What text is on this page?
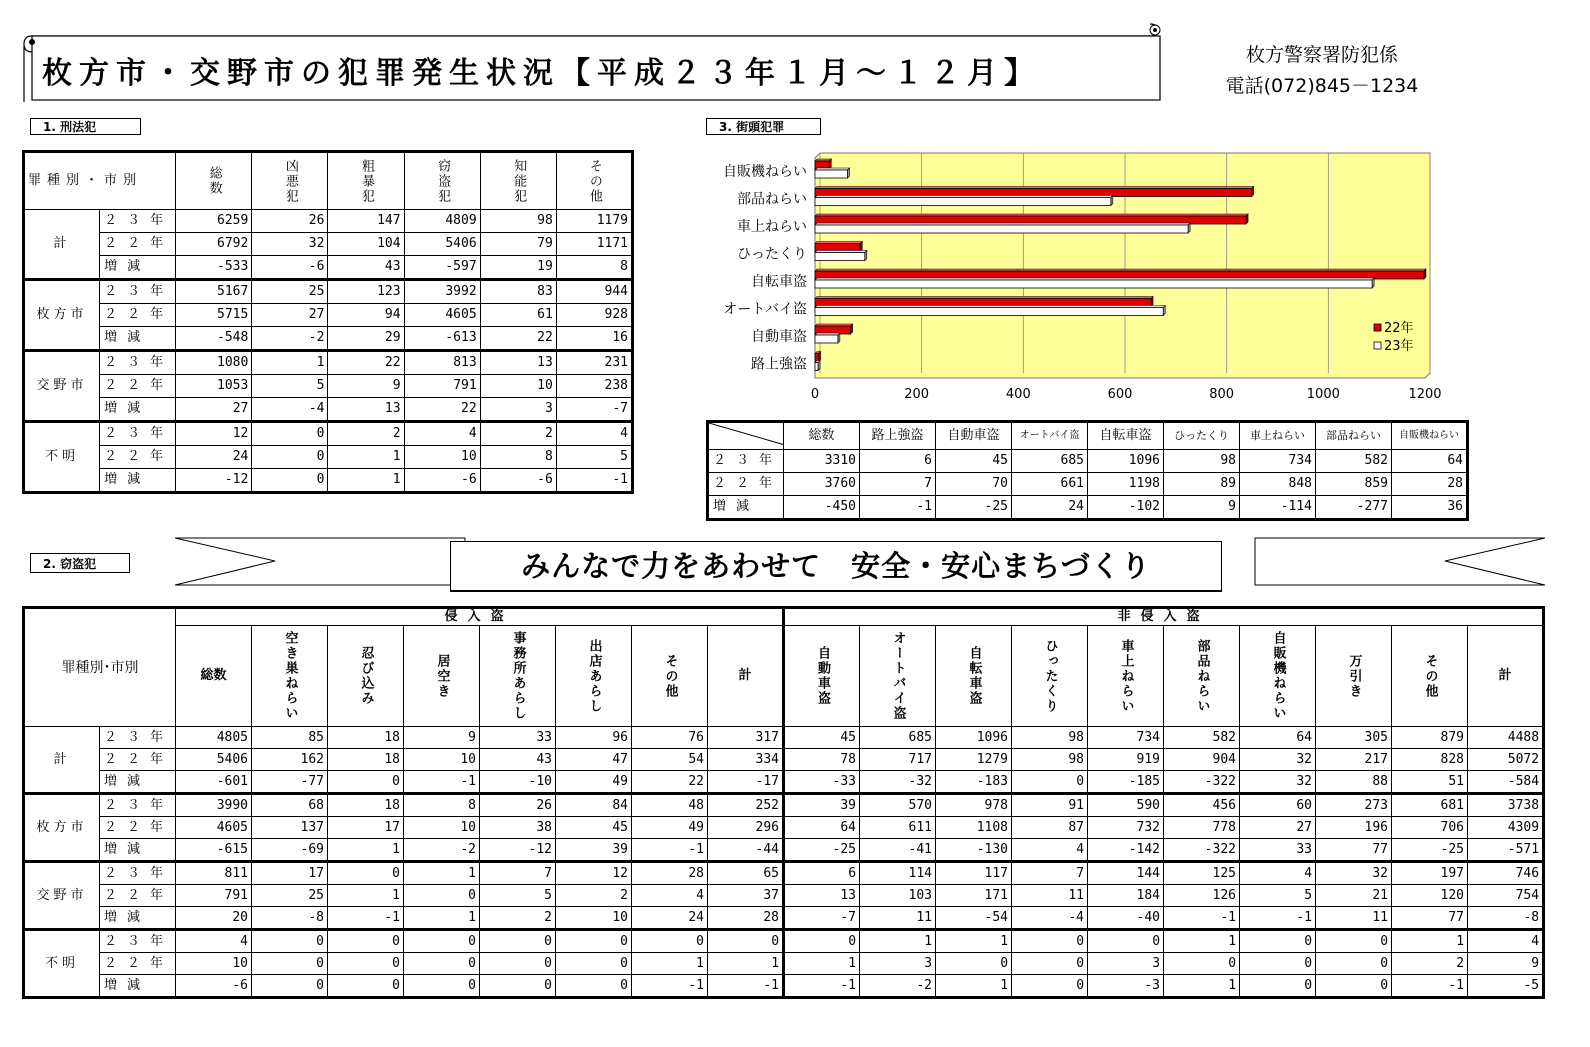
枚方市・交野市の犯罪発生状況【平成２３年１月～１２月】
枚方警察署防犯係
電話(072)845－1234
1. 刑法犯	3. 街頭犯罪
2. 窃盗犯
罪種別・市別		総数	凶悪犯	粗暴犯	窃盗犯	知能犯	その他

計	２３年	6259	26	147	4809	98	1179
	２２年	6792	32	104	5406	79	1171
	増減	-533	-6	43	-597	19	8
枚方市	２３年	5167	25	123	3992	83	944
	２２年	5715	27	94	4605	61	928
	増減	-548	-2	29	-613	22	16
交野市	２３年	1080	1	22	813	13	231
	２２年	1053	5	9	791	10	238
	増減	27	-4	13	22	3	-7
不明	２３年	12	0	2	4	2	4
	２２年	24	0	1	10	8	5
	増減	-12	0	1	-6	-6	-1
0	200	400	600	800	1000	1200
自販機ねらい
部品ねらい
車上ねらい
ひったくり
自転車盗
オートバイ盗
自動車盗
路上強盗
22年
23年
	総数	路上強盗	自動車盗	オートバイ盗	自転車盗	ひったくり	車上ねらい	部品ねらい	自販機ねらい
２３年	3310	6	45	685	1096	98	734	582	64
２２年	3760	7	70	661	1198	89	848	859	28
増減	-450	-1	-25	24	-102	9	-114	-277	36
みんなで力をあわせて　安全・安心まちづくり
罪種別･市別		侵入盗								非侵入盗									

		総数	空き巣ねらい	忍び込み	居空き	事務所あらし	出店あらし	その他	計	自動車盗	オートバイ盗	自転車盗	ひったくり	車上ねらい	部品ねらい	自販機ねらい	万引き	その他	計

計	２３年	4805	85	18	9	33	96	76	317	45	685	1096	98	734	582	64	305	879	4488
	２２年	5406	162	18	10	43	47	54	334	78	717	1279	98	919	904	32	217	828	5072
	増減	-601	-77	0	-1	-10	49	22	-17	-33	-32	-183	0	-185	-322	32	88	51	-584
枚方市	２３年	3990	68	18	8	26	84	48	252	39	570	978	91	590	456	60	273	681	3738
	２２年	4605	137	17	10	38	45	49	296	64	611	1108	87	732	778	27	196	706	4309
	増減	-615	-69	1	-2	-12	39	-1	-44	-25	-41	-130	4	-142	-322	33	77	-25	-571
交野市	２３年	811	17	0	1	7	12	28	65	6	114	117	7	144	125	4	32	197	746
	２２年	791	25	1	0	5	2	4	37	13	103	171	11	184	126	5	21	120	754
	増減	20	-8	-1	1	2	10	24	28	-7	11	-54	-4	-40	-1	-1	11	77	-8
不明	２３年	4	0	0	0	0	0	0	0	0	1	1	0	0	1	0	0	1	4
	２２年	10	0	0	0	0	0	1	1	1	3	0	0	3	0	0	0	2	9
	増減	-6	0	0	0	0	0	-1	-1	-1	-2	1	0	-3	1	0	0	-1	-5
